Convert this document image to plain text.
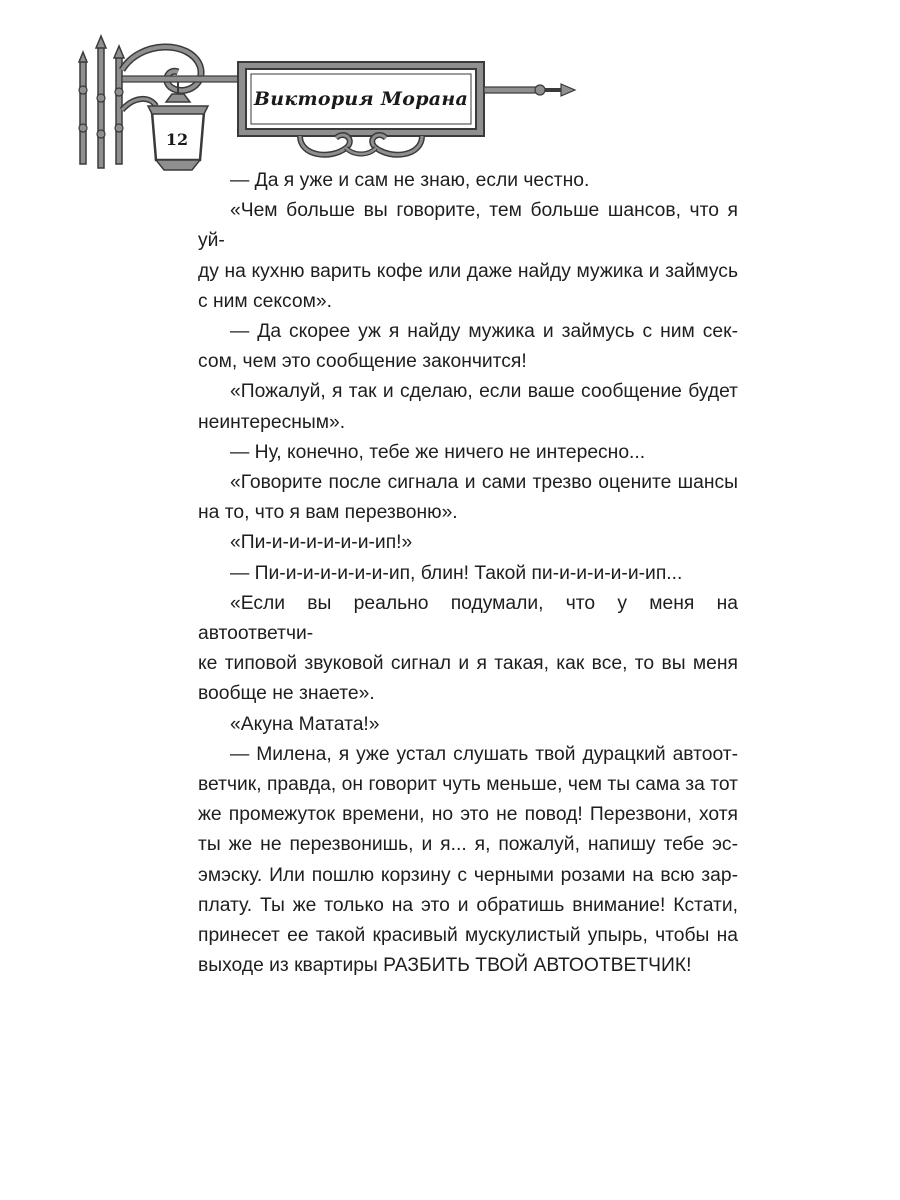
Виктория Морана
12

— Да я уже и сам не знаю, если честно.

«Чем больше вы говорите, тем больше шансов, что я уй-
ду на кухню варить кофе или даже найду мужика и займусь
с ним сексом».

— Да скорее уж я найду мужика и займусь с ним сек-
сом, чем это сообщение закончится!

«Пожалуй, я так и сделаю, если ваше сообщение будет
неинтересным».

— Ну, конечно, тебе же ничего не интересно...

«Говорите после сигнала и сами трезво оцените шансы
на то, что я вам перезвоню».

«Пи-и-и-и-и-и-и-ип!»

— Пи-и-и-и-и-и-и-ип, блин! Такой пи-и-и-и-и-и-ип...

«Если вы реально подумали, что у меня на автоответчи-
ке типовой звуковой сигнал и я такая, как все, то вы меня
вообще не знаете».

«Акуна Матата!»

— Милена, я уже устал слушать твой дурацкий автоот-
ветчик, правда, он говорит чуть меньше, чем ты сама за тот
же промежуток времени, но это не повод! Перезвони, хотя
ты же не перезвонишь, и я... я, пожалуй, напишу тебе эс-
эмэску. Или пошлю корзину с черными розами на всю зар-
плату. Ты же только на это и обратишь внимание! Кстати,
принесет ее такой красивый мускулистый упырь, чтобы на
выходе из квартиры РАЗБИТЬ ТВОЙ АВТООТВЕТЧИК!
